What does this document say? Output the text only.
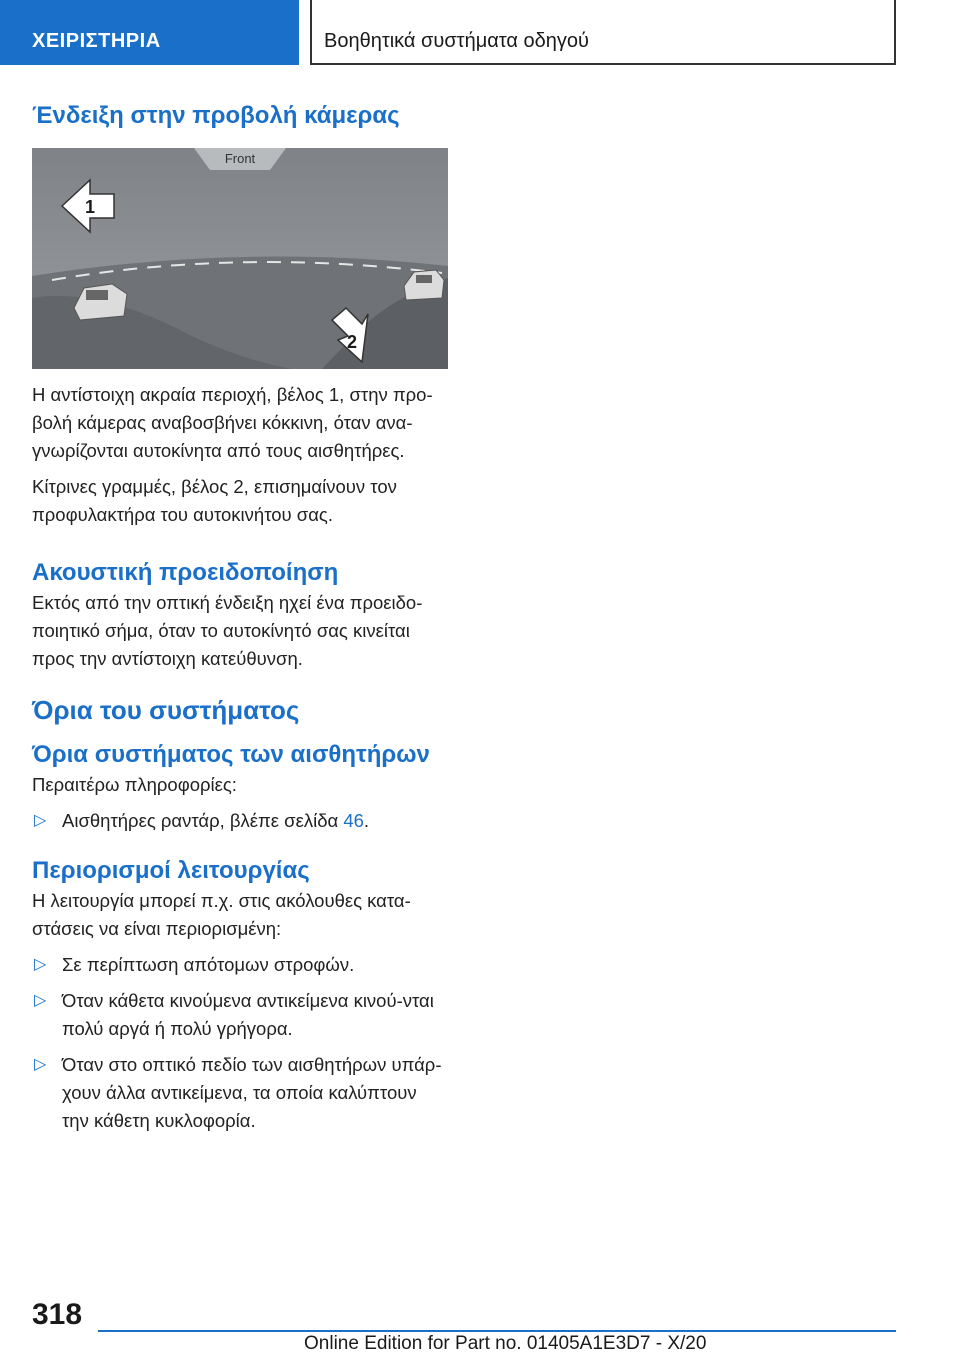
ΧΕΙΡΙΣΤΗΡΙΑ	Βοηθητικά συστήματα οδηγού
Ένδειξη στην προβολή κάμερας
Front
1
2

Η αντίστοιχη ακραία περιοχή, βέλος 1, στην προ-βολή κάμερας αναβοσβήνει κόκκινη, όταν ανα-γνωρίζονται αυτοκίνητα από τους αισθητήρες.

Κίτρινες γραμμές, βέλος 2, επισημαίνουν τον προφυλακτήρα του αυτοκινήτου σας.

Ακουστική προειδοποίηση

Εκτός από την οπτική ένδειξη ηχεί ένα προειδο-ποιητικό σήμα, όταν το αυτοκίνητό σας κινείται προς την αντίστοιχη κατεύθυνση.

Όρια του συστήματος
Όρια συστήματος των αισθητήρων

Περαιτέρω πληροφορίες:

▷ Αισθητήρες ραντάρ, βλέπε σελίδα 46.
Περιορισμοί λειτουργίας

Η λειτουργία μπορεί π.χ. στις ακόλουθες κατα-στάσεις να είναι περιορισμένη:

▷ Σε περίπτωση απότομων στροφών.
▷ Όταν κάθετα κινούμενα αντικείμενα κινού-νται πολύ αργά ή πολύ γρήγορα.
▷ Όταν στο οπτικό πεδίο των αισθητήρων υπάρ-χουν άλλα αντικείμενα, τα οποία καλύπτουν την κάθετη κυκλοφορία.
318
Online Edition for Part no. 01405A1E3D7 - X/20
